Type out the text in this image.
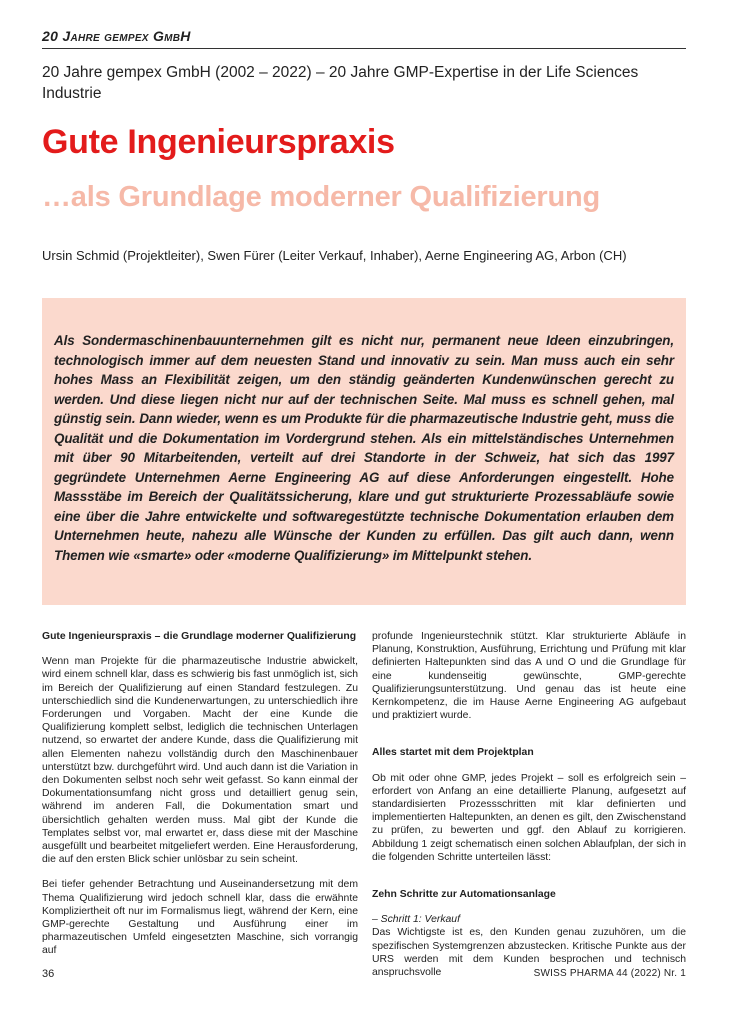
20 Jahre gempex GmbH
20 Jahre gempex GmbH (2002 – 2022) – 20 Jahre GMP-Expertise in der Life Sciences Industrie
Gute Ingenieurspraxis
…als Grundlage moderner Qualifizierung
Ursin Schmid (Projektleiter), Swen Fürer (Leiter Verkauf, Inhaber), Aerne Engineering AG, Arbon (CH)

Als Sondermaschinenbauunternehmen gilt es nicht nur, permanent neue Ideen einzubringen, technologisch immer auf dem neuesten Stand und innovativ zu sein. Man muss auch ein sehr hohes Mass an Flexibilität zeigen, um den ständig geänderten Kundenwünschen gerecht zu werden. Und diese liegen nicht nur auf der technischen Seite. Mal muss es schnell gehen, mal günstig sein. Dann wieder, wenn es um Produkte für die pharmazeutische Industrie geht, muss die Qualität und die Dokumentation im Vordergrund stehen. Als ein mittelständisches Unternehmen mit über 90 Mitarbeitenden, verteilt auf drei Standorte in der Schweiz, hat sich das 1997 gegründete Unternehmen Aerne Engineering AG auf diese Anforderungen eingestellt. Hohe Massstäbe im Bereich der Qualitätssicherung, klare und gut strukturierte Prozessabläufe sowie eine über die Jahre entwickelte und softwaregestützte technische Dokumentation erlauben dem Unternehmen heute, nahezu alle Wünsche der Kunden zu erfüllen. Das gilt auch dann, wenn Themen wie «smarte» oder «moderne Qualifizierung» im Mittelpunkt stehen.

Gute Ingenieurspraxis – die Grundlage moderner Qualifizierung

Wenn man Projekte für die pharmazeutische Industrie abwickelt, wird einem schnell klar, dass es schwierig bis fast unmöglich ist, sich im Bereich der Qualifizierung auf einen Standard festzulegen. Zu unterschiedlich sind die Kundenerwartungen, zu unterschiedlich ihre Forderungen und Vorgaben. Macht der eine Kunde die Qualifizierung komplett selbst, lediglich die technischen Unterlagen nutzend, so erwartet der andere Kunde, dass die Qualifizierung mit allen Elementen nahezu vollständig durch den Maschinenbauer unterstützt bzw. durchgeführt wird. Und auch dann ist die Variation in den Dokumenten selbst noch sehr weit gefasst. So kann einmal der Dokumentationsumfang nicht gross und detailliert genug sein, während im anderen Fall, die Dokumentation smart und übersichtlich gehalten werden muss. Mal gibt der Kunde die Templates selbst vor, mal erwartet er, dass diese mit der Maschine ausgefüllt und bearbeitet mitgeliefert werden. Eine Herausforderung, die auf den ersten Blick schier unlösbar zu sein scheint.

Bei tiefer gehender Betrachtung und Auseinandersetzung mit dem Thema Qualifizierung wird jedoch schnell klar, dass die erwähnte Kompliziertheit oft nur im Formalismus liegt, während der Kern, eine GMP-gerechte Gestaltung und Ausführung einer im pharmazeutischen Umfeld eingesetzten Maschine, sich vorrangig auf

profunde Ingenieurstechnik stützt. Klar strukturierte Abläufe in Planung, Konstruktion, Ausführung, Errichtung und Prüfung mit klar definierten Haltepunkten sind das A und O und die Grundlage für eine kundenseitig gewünschte, GMP-gerechte Qualifizierungsunterstützung. Und genau das ist heute eine Kernkompetenz, die im Hause Aerne Engineering AG aufgebaut und praktiziert wurde.

Alles startet mit dem Projektplan

Ob mit oder ohne GMP, jedes Projekt – soll es erfolgreich sein – erfordert von Anfang an eine detaillierte Planung, aufgesetzt auf standardisierten Prozessschritten mit klar definierten und implementierten Haltepunkten, an denen es gilt, den Zwischenstand zu prüfen, zu bewerten und ggf. den Ablauf zu korrigieren. Abbildung 1 zeigt schematisch einen solchen Ablaufplan, der sich in die folgenden Schritte unterteilen lässt:

Zehn Schritte zur Automationsanlage

– Schritt 1: Verkauf

Das Wichtigste ist es, den Kunden genau zuzuhören, um die spezifischen Systemgrenzen abzustecken. Kritische Punkte aus der URS werden mit dem Kunden besprochen und technisch anspruchsvolle

36	SWISS PHARMA 44 (2022) Nr. 1
